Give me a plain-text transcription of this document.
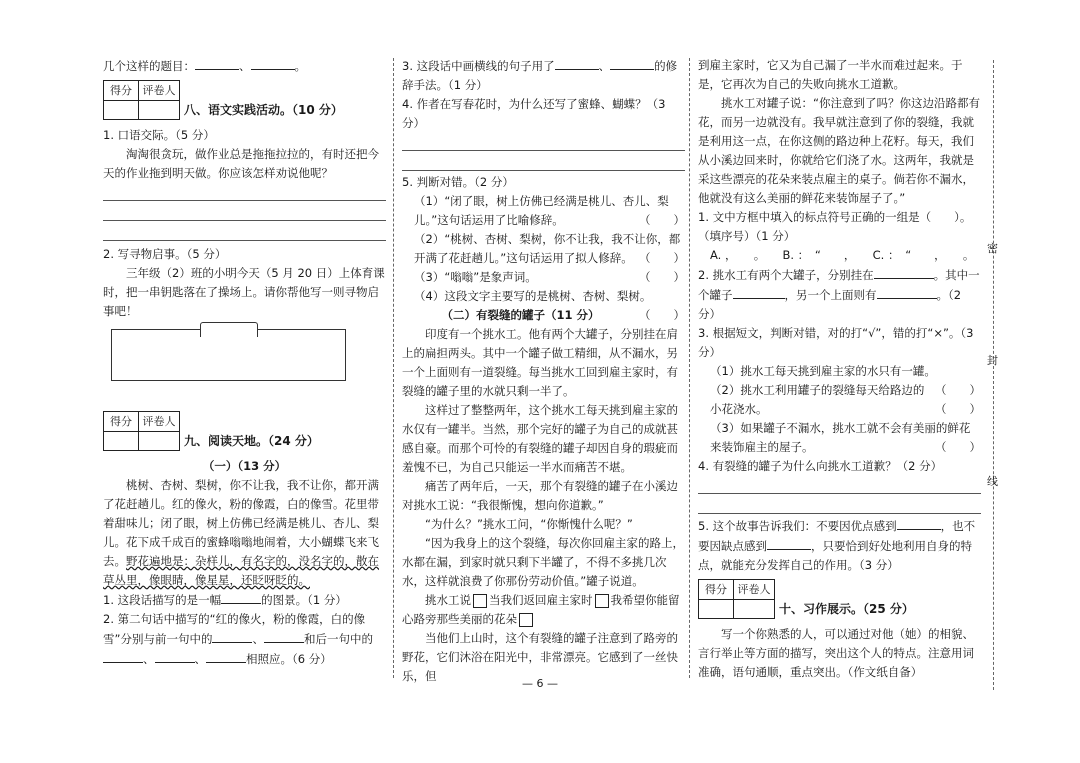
密
封
线

几个这样的题目：	、	。

得分	评卷人

八、语文实践活动。（10 分）

1. 口语交际。（5 分）

淘淘很贪玩，做作业总是拖拖拉拉的，有时还把今天的作业拖到明天做。你应该怎样劝说他呢？

2. 写寻物启事。（5 分）

三年级（2）班的小明今天（5 月 20 日）上体育课时，把一串钥匙落在了操场上。请你帮他写一则寻物启事吧！

得分	评卷人

九、阅读天地。（24 分）

（一）（13 分）

桃树、杏树、梨树，你不让我，我不让你，都开满了花赶趟儿。红的像火，粉的像霞，白的像雪。花里带着甜味儿；闭了眼，树上仿佛已经满是桃儿、杏儿、梨儿。花下成千成百的蜜蜂嗡嗡地闹着，大小蝴蝶飞来飞去。野花遍地是：杂样儿，有名字的，没名字的，散在草丛里，像眼睛，像星星，还眨呀眨的。

1. 这段话描写的是一幅	的图景。（1 分）

2. 第二句话中描写的“红的像火，粉的像霞，白的像雪”分别与前一句中的	、	和后一句中的、	、	相照应。（6 分）

3. 这段话中画横线的句子用了	、	的修辞手法。（1 分）

4. 作者在写春花时，为什么还写了蜜蜂、蝴蝶？（3 分）

5. 判断对错。（2 分）

（1）“闭了眼，树上仿佛已经满是桃儿、杏儿、梨儿。”这句话运用了比喻修辞。	（　　）

（2）“桃树、杏树、梨树，你不让我，我不让你，都开满了花赶趟儿。”这句话运用了拟人修辞。 （　　）

（3）“嗡嗡”是象声词。	（　　）

（4）这段文字主要写的是桃树、杏树、梨树。
（　　）

（二）有裂缝的罐子（11 分）

印度有一个挑水工。他有两个大罐子，分别挂在肩上的扁担两头。其中一个罐子做工精细，从不漏水，另一个上面则有一道裂缝。每当挑水工回到雇主家时，有裂缝的罐子里的水就只剩一半了。

这样过了整整两年，这个挑水工每天挑到雇主家的水仅有一罐半。当然，那个完好的罐子为自己的成就甚感自豪。而那个可怜的有裂缝的罐子却因自身的瑕疵而羞愧不已，为自己只能运一半水而痛苦不堪。

痛苦了两年后，一天，那个有裂缝的罐子在小溪边对挑水工说：“我很惭愧，想向你道歉。”

“为什么？”挑水工问，“你惭愧什么呢？”

“因为我身上的这个裂缝，每次你回雇主家的路上，水都在漏，到家时就只剩下半罐了，不得不多挑几次水，这样就浪费了你那份劳动价值。”罐子说道。

挑水工说 当我们返回雇主家时 我希望你能留心路旁那些美丽的花朵

当他们上山时，这个有裂缝的罐子注意到了路旁的野花，它们沐浴在阳光中，非常漂亮。它感到了一丝快乐，但

到雇主家时，它又为自己漏了一半水而难过起来。于是，它再次为自己的失败向挑水工道歉。

挑水工对罐子说：“你注意到了吗？你这边沿路都有花，而另一边就没有。我早就注意到了你的裂缝，我就是利用这一点，在你这侧的路边种上花籽。每天，我们从小溪边回来时，你就给它们浇了水。这两年，我就是采这些漂亮的花朵来装点雇主的桌子。倘若你不漏水，他就没有这么美丽的鲜花来装饰屋子了。”

1. 文中方框中填入的标点符号正确的一组是（　　）。（填序号）（1 分）

A. ，　　。　　B. ：　“　　，　　C. ：　“　　，　　。

2. 挑水工有两个大罐子，分别挂在	。其中一个罐子	，另一个上面则有	。（2 分）

3. 根据短文，判断对错，对的打“√”，错的打“×”。（3 分）

（1）挑水工每天挑到雇主家的水只有一罐。
（　　）

（2）挑水工利用罐子的裂缝每天给路边的小花浇水。	（　　）

（3）如果罐子不漏水，挑水工就不会有美丽的鲜花来装饰雇主的屋子。	（　　）

4. 有裂缝的罐子为什么向挑水工道歉？（2 分）

5. 这个故事告诉我们：不要因优点感到	，也不要因缺点感到	，只要恰到好处地利用自身的特点，就能充分发挥自己的作用。（3 分）

得分	评卷人

十、习作展示。（25 分）

写一个你熟悉的人，可以通过对他（她）的相貌、言行举止等方面的描写，突出这个人的特点。注意用词准确，语句通顺，重点突出。（作文纸自备）

— 6 —
